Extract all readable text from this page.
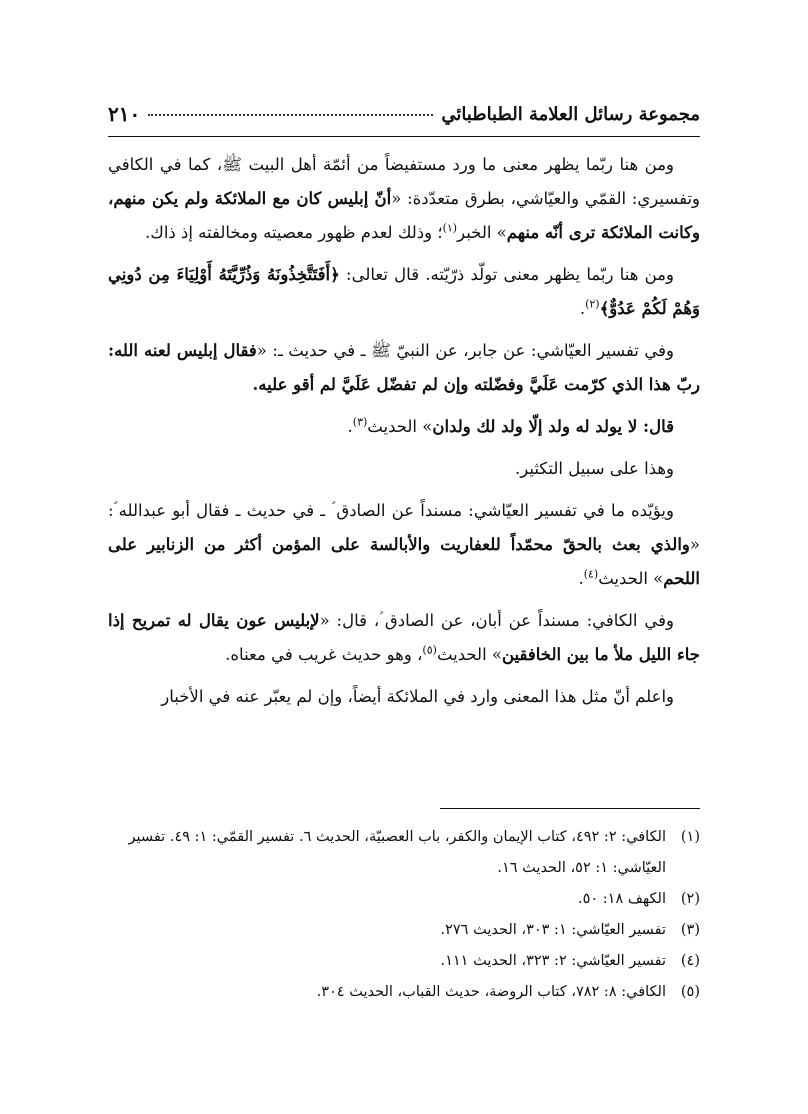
مجموعة رسائل العلامة الطباطبائي
٢١٠

ومن هنا ربّما يظهر معنى ما ورد مستفيضاً من أئمّة أهل البيت ﷺ، كما في الكافي وتفسيري: القمّي والعيّاشي، بطرق متعدّدة: «أنّ إبليس كان مع الملائكة ولم يكن منهم، وكانت الملائكة ترى أنّه منهم» الخبر$^{(١)}$؛ وذلك لعدم ظهور معصيته ومخالفته إذ ذاك.

ومن هنا ربّما يظهر معنى تولّد ذرّيّته. قال تعالى: ﴿أَفَتَتَّخِذُونَهُ وَذُرِّيَّتَهُ أَوْلِيَاءَ مِن دُونِي وَهُمْ لَكُمْ عَدُوٌّ﴾$^{(٢)}$.

وفي تفسير العيّاشي: عن جابر، عن النبيّ ﷺ ـ في حديث ـ: «فقال إبليس لعنه الله: ربّ هذا الذي كرّمت عَلَيَّ وفضّلته وإن لم تفضّل عَلَيَّ لم أقو عليه.

قال: لا يولد له ولد إلّا ولد لك ولدان» الحديث$^{(٣)}$.

وهذا على سبيل التكثير.

ويؤيّده ما في تفسير العيّاشي: مسنداً عن الصادق ؑ ـ في حديث ـ فقال أبو عبدالله ؑ: «والذي بعث بالحقّ محمّداً للعفاريت والأبالسة على المؤمن أكثر من الزنابير على اللحم» الحديث$^{(٤)}$.

وفي الكافي: مسنداً عن أبان، عن الصادق ؑ، قال: «لإبليس عون يقال له تمريح إذا جاء الليل ملأ ما بين الخافقين» الحديث$^{(٥)}$، وهو حديث غريب في معناه.

واعلم أنّ مثل هذا المعنى وارد في الملائكة أيضاً، وإن لم يعبّر عنه في الأخبار

(١)
الكافي: ٢: ٤٩٢، كتاب الإيمان والكفر، باب العصبيّة، الحديث ٦. تفسير القمّي: ١: ٤٩. تفسير العيّاشي: ١: ٥٢، الحديث ١٦.
(٢)
الكهف ١٨: ٥٠.
(٣)
تفسير العيّاشي: ١: ٣٠٣، الحديث ٢٧٦.
(٤)
تفسير العيّاشي: ٢: ٣٢٣، الحديث ١١١.
(٥)
الكافي: ٨: ٧٨٢، كتاب الروضة، حديث القباب، الحديث ٣٠٤.
